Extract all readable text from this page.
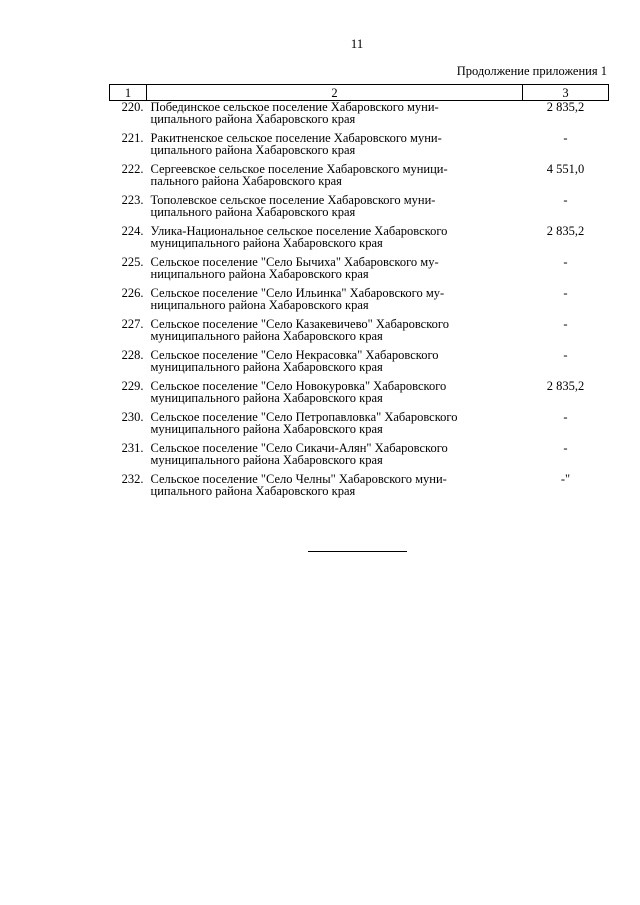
11
Продолжение приложения 1
1	2	3
220.	Побединское сельское поселение Хабаровского муни-
ципального района Хабаровского края	2 835,2
221.	Ракитненское сельское поселение Хабаровского муни-
ципального района Хабаровского края	-
222.	Сергеевское сельское поселение Хабаровского муници-
пального района Хабаровского края	4 551,0
223.	Тополевское сельское поселение Хабаровского муни-
ципального района Хабаровского края	-
224.	Улика-Национальное сельское поселение Хабаровского
муниципального района Хабаровского края	2 835,2
225.	Сельское поселение "Село Бычиха" Хабаровского му-
ниципального района Хабаровского края	-
226.	Сельское поселение "Село Ильинка" Хабаровского му-
ниципального района Хабаровского края	-
227.	Сельское поселение "Село Казакевичево" Хабаровского
муниципального района Хабаровского края	-
228.	Сельское поселение "Село Некрасовка" Хабаровского
муниципального района Хабаровского края	-
229.	Сельское поселение "Село Новокуровка" Хабаровского
муниципального района Хабаровского края	2 835,2
230.	Сельское поселение "Село Петропавловка" Хабаровского
муниципального района Хабаровского края	-
231.	Сельское поселение "Село Сикачи-Алян" Хабаровского
муниципального района Хабаровского края	-
232.	Сельское поселение "Село Челны" Хабаровского муни-
ципального района Хабаровского края	-"
